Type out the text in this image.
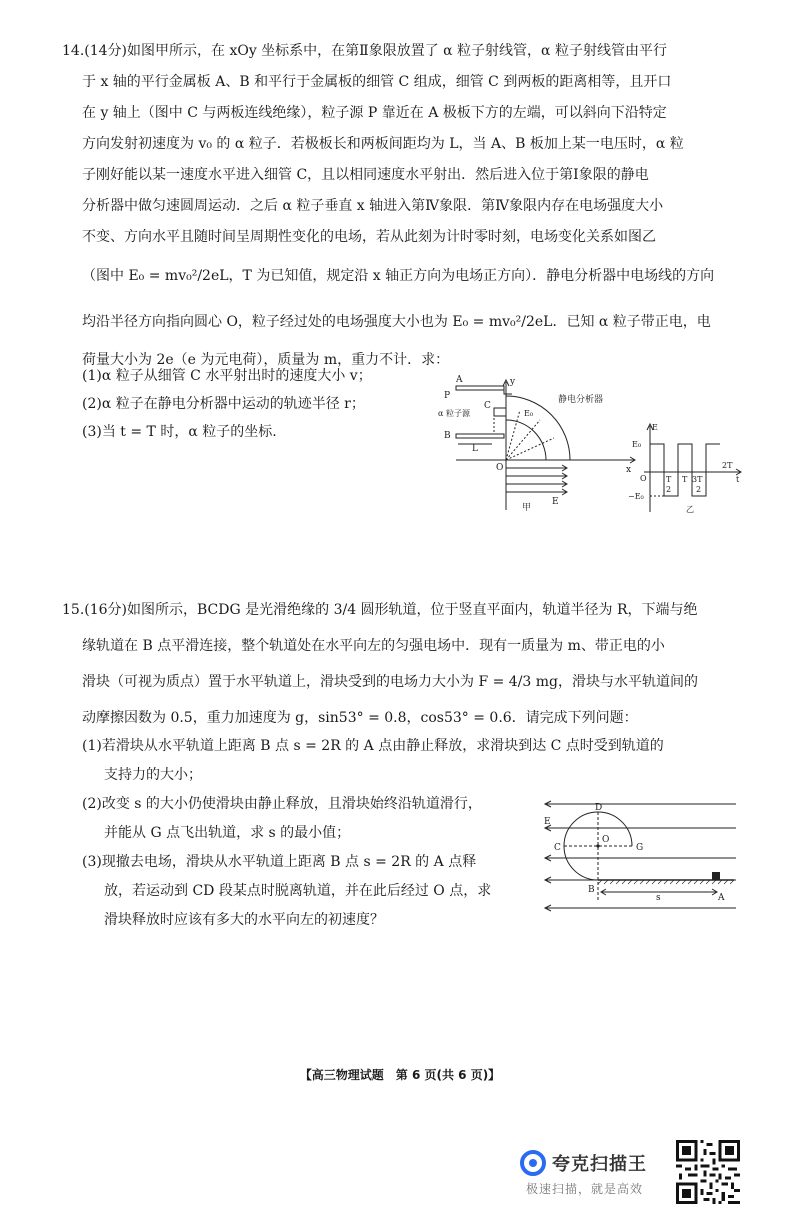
14.(14分)如图甲所示，在 xOy 坐标系中，在第Ⅱ象限放置了 α 粒子射线管，α 粒子射线管由平行
于 x 轴的平行金属板 A、B 和平行于金属板的细管 C 组成，细管 C 到两板的距离相等，且开口
在 y 轴上（图中 C 与两板连线绝缘），粒子源 P 靠近在 A 极板下方的左端，可以斜向下沿特定
方向发射初速度为 v₀ 的 α 粒子．若极板长和两板间距均为 L，当 A、B 板加上某一电压时，α 粒
子刚好能以某一速度水平进入细管 C，且以相同速度水平射出．然后进入位于第Ⅰ象限的静电
分析器中做匀速圆周运动．之后 α 粒子垂直 x 轴进入第Ⅳ象限．第Ⅳ象限内存在电场强度大小
不变、方向水平且随时间呈周期性变化的电场，若从此刻为计时零时刻，电场变化关系如图乙
（图中 E₀ = mv₀²/2eL，T 为已知值，规定沿 x 轴正方向为电场正方向）．静电分析器中电场线的方向
均沿半径方向指向圆心 O，粒子经过处的电场强度大小也为 E₀ = mv₀²/2eL．已知 α 粒子带正电，电
荷量大小为 2e（e 为元电荷），质量为 m，重力不计．求：
(1)α 粒子从细管 C 水平射出时的速度大小 v；
(2)α 粒子在静电分析器中运动的轨迹半径 r；
(3)当 t = T 时，α 粒子的坐标.
A
P
α 粒子源
B
L
C
y
E₀
静电分析器
O	x
E
甲
E
E₀
O
−E₀
T
2
T 3T
2
2T
t
乙
15.(16分)如图所示，BCDG 是光滑绝缘的 3/4 圆形轨道，位于竖直平面内，轨道半径为 R，下端与绝
缘轨道在 B 点平滑连接，整个轨道处在水平向左的匀强电场中．现有一质量为 m、带正电的小
滑块（可视为质点）置于水平轨道上，滑块受到的电场力大小为 F = 4/3 mg，滑块与水平轨道间的
动摩擦因数为 0.5，重力加速度为 g，sin53° = 0.8，cos53° = 0.6．请完成下列问题：
(1)若滑块从水平轨道上距离 B 点 s = 2R 的 A 点由静止释放，求滑块到达 C 点时受到轨道的
支持力的大小；
(2)改变 s 的大小仍使滑块由静止释放，且滑块始终沿轨道滑行，
并能从 G 点飞出轨道，求 s 的最小值；
(3)现撤去电场，滑块从水平轨道上距离 B 点 s = 2R 的 A 点释
放，若运动到 CD 段某点时脱离轨道，并在此后经过 O 点，求
滑块释放时应该有多大的水平向左的初速度？
D
E
C
O
G
B
s	A
【高三物理试题　第 6 页(共 6 页)】
夸克扫描王
极速扫描，就是高效
